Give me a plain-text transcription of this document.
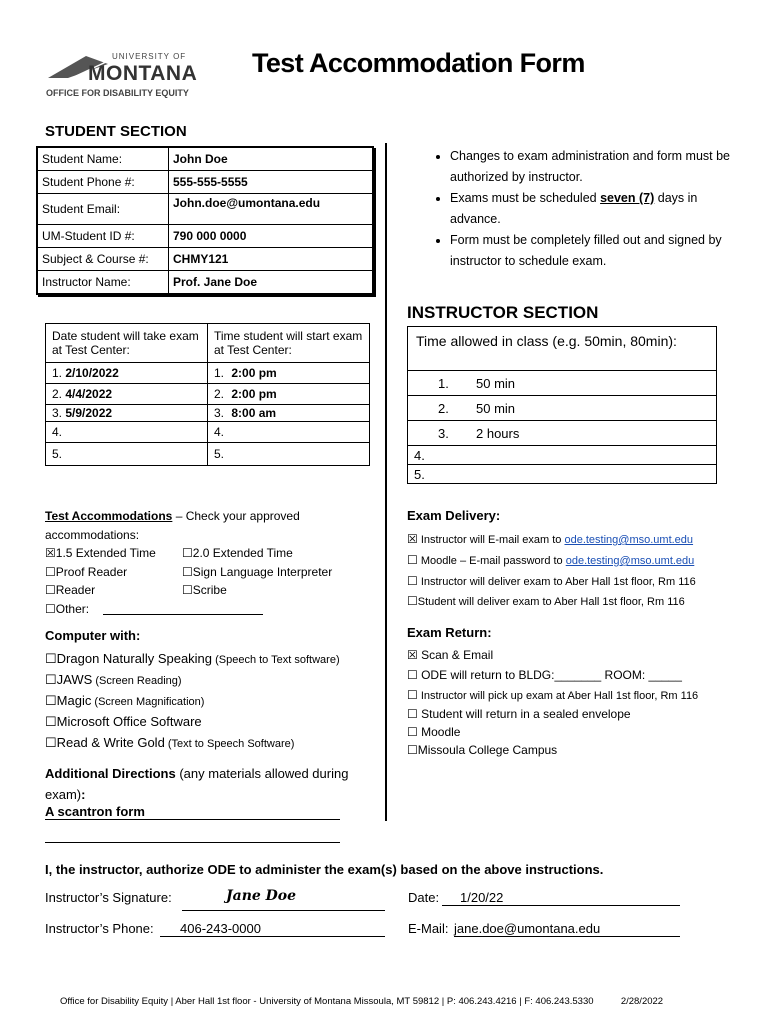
UNIVERSITY OF
MONTANA
OFFICE FOR DISABILITY EQUITY
Test Accommodation Form
STUDENT SECTION
Student Name:	John Doe
Student Phone #:	555-555-5555
Student Email:	John.doe@umontana.edu
UM-Student ID #:	790 000 0000
Subject & Course #:	CHMY121
Instructor Name:	Prof. Jane Doe
• Changes to exam administration and form must be authorized by instructor.
• Exams must be scheduled seven (7) days in advance.
• Form must be completely filled out and signed by instructor to schedule exam.
Date student will take exam at Test Center:	Time student will start exam at Test Center:
1. 2/10/2022	1. 2:00 pm
2. 4/4/2022	2. 2:00 pm
3. 5/9/2022	3. 8:00 am
4.	4.
5.	5.
INSTRUCTOR SECTION
Time allowed in class (e.g. 50min, 80min):
1. 50 min
2. 50 min
3. 2 hours
4.
5.
Test Accommodations – Check your approved accommodations:
☒1.5 Extended Time ☐2.0 Extended Time
☐Proof Reader	☐Sign Language Interpreter
☐Reader	☐Scribe
☐Other:
Computer with:
☐Dragon Naturally Speaking (Speech to Text software)
☐JAWS (Screen Reading)
☐Magic (Screen Magnification)
☐Microsoft Office Software
☐Read & Write Gold (Text to Speech Software)
Additional Directions (any materials allowed during exam):
A scantron form
Exam Delivery:
☒ Instructor will E-mail exam to ode.testing@mso.umt.edu
☐ Moodle – E-mail password to ode.testing@mso.umt.edu
☐ Instructor will deliver exam to Aber Hall 1st floor, Rm 116
☐Student will deliver exam to Aber Hall 1st floor, Rm 116
Exam Return:
☒ Scan & Email
☐ ODE will return to BLDG:_______ ROOM: _____
☐ Instructor will pick up exam at Aber Hall 1st floor, Rm 116
☐ Student will return in a sealed envelope
☐ Moodle
☐Missoula College Campus
I, the instructor, authorize ODE to administer the exam(s) based on the above instructions.
Instructor’s Signature:	Jane Doe	Date:	1/20/22
Instructor’s Phone:	406-243-0000	E-Mail: jane.doe@umontana.edu
Office for Disability Equity | Aber Hall 1st floor - University of Montana Missoula, MT 59812 | P: 406.243.4216 | F: 406.243.5330	2/28/2022
